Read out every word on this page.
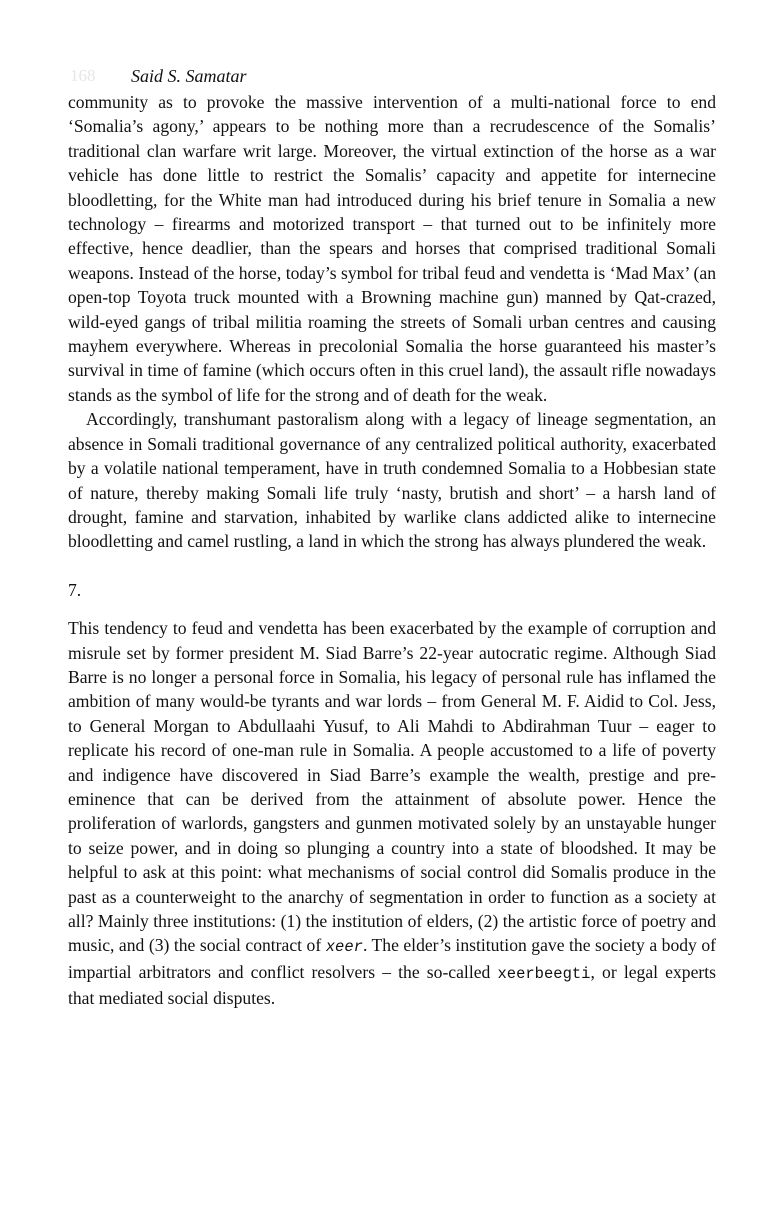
168 Said S. Samatar

community as to provoke the massive intervention of a multi-national force to end ‘Somalia’s agony,’ appears to be nothing more than a recrudescence of the Somalis’ traditional clan warfare writ large. Moreover, the virtual extinction of the horse as a war vehicle has done little to restrict the Somalis’ capacity and appetite for internecine bloodletting, for the White man had introduced during his brief tenure in Somalia a new technology – firearms and motorized transport – that turned out to be infinitely more effective, hence deadlier, than the spears and horses that comprised traditional Somali weapons. Instead of the horse, today’s symbol for tribal feud and vendetta is ‘Mad Max’ (an open-top Toyota truck mounted with a Browning machine gun) manned by Qat-crazed, wild-eyed gangs of tribal militia roaming the streets of Somali urban centres and causing mayhem everywhere. Whereas in precolonial Somalia the horse guaranteed his master’s survival in time of famine (which occurs often in this cruel land), the assault rifle nowadays stands as the symbol of life for the strong and of death for the weak.

Accordingly, transhumant pastoralism along with a legacy of lineage segmentation, an absence in Somali traditional governance of any centralized political authority, exacerbated by a volatile national temperament, have in truth condemned Somalia to a Hobbesian state of nature, thereby making Somali life truly ‘nasty, brutish and short’ – a harsh land of drought, famine and starvation, inhabited by warlike clans addicted alike to internecine bloodletting and camel rustling, a land in which the strong has always plundered the weak.

7.

This tendency to feud and vendetta has been exacerbated by the example of corruption and misrule set by former president M. Siad Barre’s 22-year autocratic regime. Although Siad Barre is no longer a personal force in Somalia, his legacy of personal rule has inflamed the ambition of many would-be tyrants and war lords – from General M. F. Aidid to Col. Jess, to General Morgan to Abdullaahi Yusuf, to Ali Mahdi to Abdirahman Tuur – eager to replicate his record of one-man rule in Somalia. A people accustomed to a life of poverty and indigence have discovered in Siad Barre’s example the wealth, prestige and pre-eminence that can be derived from the attainment of absolute power. Hence the proliferation of warlords, gangsters and gunmen motivated solely by an unstayable hunger to seize power, and in doing so plunging a country into a state of bloodshed. It may be helpful to ask at this point: what mechanisms of social control did Somalis produce in the past as a counterweight to the anarchy of segmentation in order to function as a society at all? Mainly three institutions: (1) the institution of elders, (2) the artistic force of poetry and music, and (3) the social contract of xeer. The elder’s institution gave the society a body of impartial arbitrators and conflict resolvers – the so-called xeerbeegti, or legal experts that mediated social disputes.
